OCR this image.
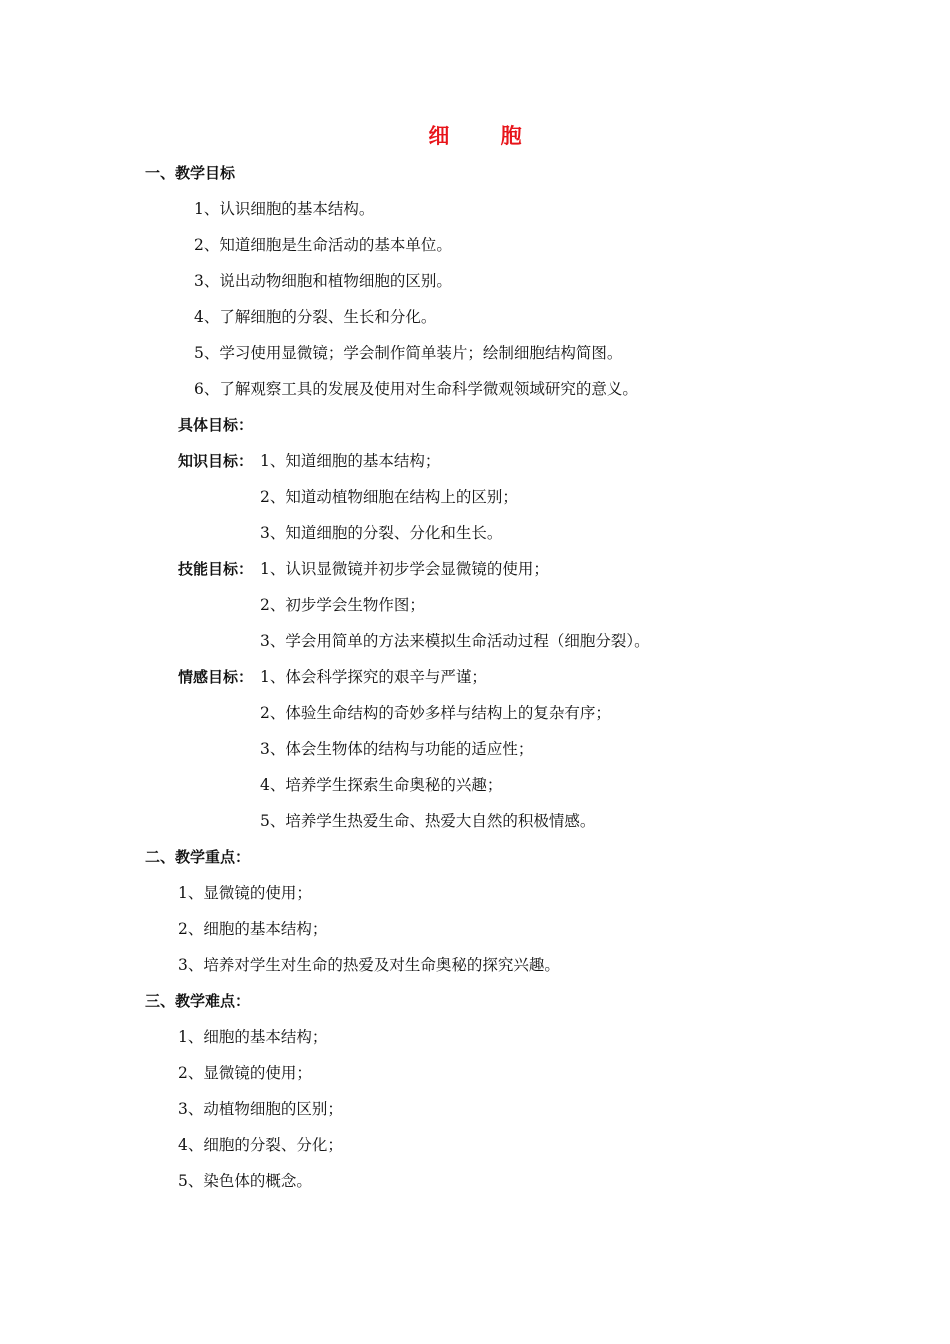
细 胞
一、教学目标
1、认识细胞的基本结构。
2、知道细胞是生命活动的基本单位。
3、说出动物细胞和植物细胞的区别。
4、了解细胞的分裂、生长和分化。
5、学习使用显微镜；学会制作简单装片；绘制细胞结构简图。
6、了解观察工具的发展及使用对生命科学微观领域研究的意义。
具体目标：
知识目标： 1、知道细胞的基本结构；
2、知道动植物细胞在结构上的区别；
3、知道细胞的分裂、分化和生长。
技能目标： 1、认识显微镜并初步学会显微镜的使用；
2、初步学会生物作图；
3、学会用简单的方法来模拟生命活动过程（细胞分裂）。
情感目标： 1、体会科学探究的艰辛与严谨；
2、体验生命结构的奇妙多样与结构上的复杂有序；
3、体会生物体的结构与功能的适应性；
4、培养学生探索生命奥秘的兴趣；
5、培养学生热爱生命、热爱大自然的积极情感。
二、教学重点：
1、显微镜的使用；
2、细胞的基本结构；
3、培养对学生对生命的热爱及对生命奥秘的探究兴趣。
三、教学难点：
1、细胞的基本结构；
2、显微镜的使用；
3、动植物细胞的区别；
4、细胞的分裂、分化；
5、染色体的概念。
